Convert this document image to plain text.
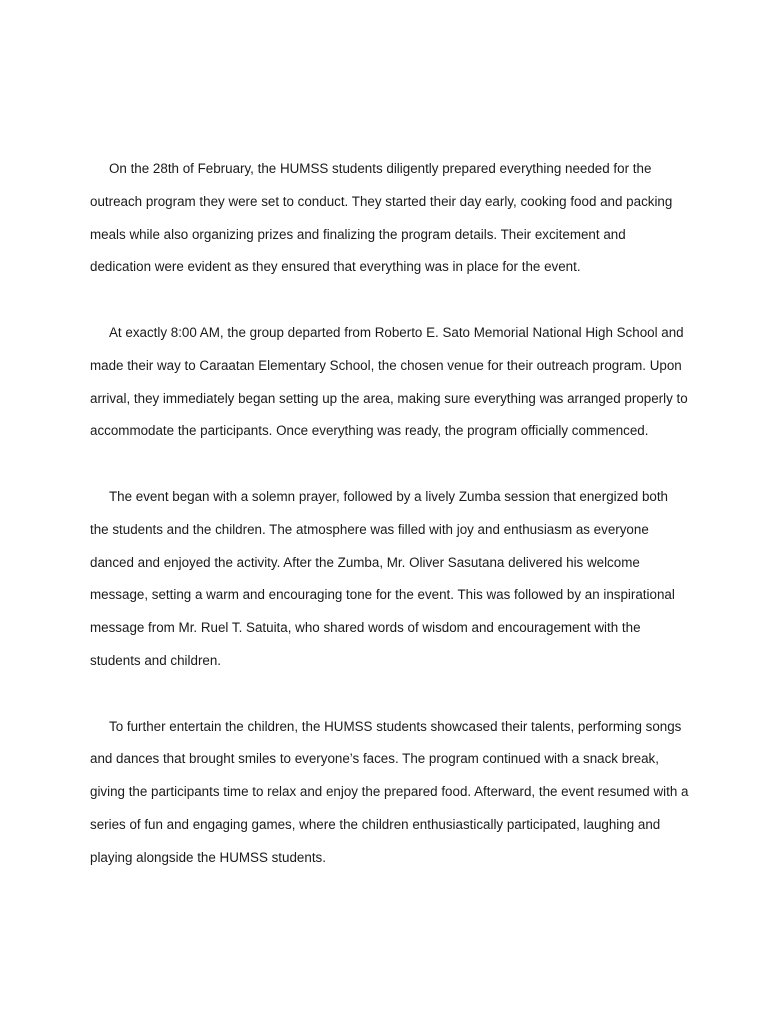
On the 28th of February, the HUMSS students diligently prepared everything needed for the outreach program they were set to conduct. They started their day early, cooking food and packing meals while also organizing prizes and finalizing the program details. Their excitement and dedication were evident as they ensured that everything was in place for the event.

At exactly 8:00 AM, the group departed from Roberto E. Sato Memorial National High School and made their way to Caraatan Elementary School, the chosen venue for their outreach program. Upon arrival, they immediately began setting up the area, making sure everything was arranged properly to accommodate the participants. Once everything was ready, the program officially commenced.

The event began with a solemn prayer, followed by a lively Zumba session that energized both the students and the children. The atmosphere was filled with joy and enthusiasm as everyone danced and enjoyed the activity. After the Zumba, Mr. Oliver Sasutana delivered his welcome message, setting a warm and encouraging tone for the event. This was followed by an inspirational message from Mr. Ruel T. Satuita, who shared words of wisdom and encouragement with the students and children.

To further entertain the children, the HUMSS students showcased their talents, performing songs and dances that brought smiles to everyone’s faces. The program continued with a snack break, giving the participants time to relax and enjoy the prepared food. Afterward, the event resumed with a series of fun and engaging games, where the children enthusiastically participated, laughing and playing alongside the HUMSS students.
